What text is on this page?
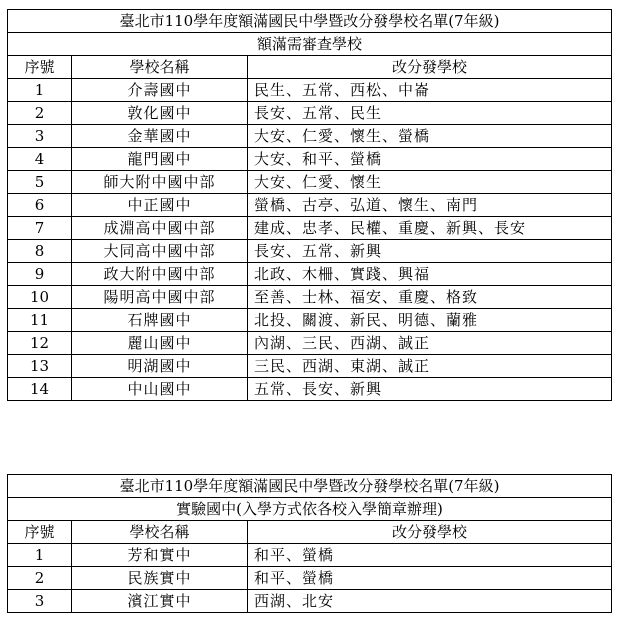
臺北市110學年度額滿國民中學暨改分發學校名單(7年級)		
額滿需審查學校		
序號	學校名稱	改分發學校
1	介壽國中	民生、五常、西松、中崙
2	敦化國中	長安、五常、民生
3	金華國中	大安、仁愛、懷生、螢橋
4	龍門國中	大安、和平、螢橋
5	師大附中國中部	大安、仁愛、懷生
6	中正國中	螢橋、古亭、弘道、懷生、南門
7	成淵高中國中部	建成、忠孝、民權、重慶、新興、長安
8	大同高中國中部	長安、五常、新興
9	政大附中國中部	北政、木柵、實踐、興福
10	陽明高中國中部	至善、士林、福安、重慶、格致
11	石牌國中	北投、關渡、新民、明德、蘭雅
12	麗山國中	內湖、三民、西湖、誠正
13	明湖國中	三民、西湖、東湖、誠正
14	中山國中	五常、長安、新興
臺北市110學年度額滿國民中學暨改分發學校名單(7年級)		
實驗國中(入學方式依各校入學簡章辦理)		
序號	學校名稱	改分發學校
1	芳和實中	和平、螢橋
2	民族實中	和平、螢橋
3	濱江實中	西湖、北安
